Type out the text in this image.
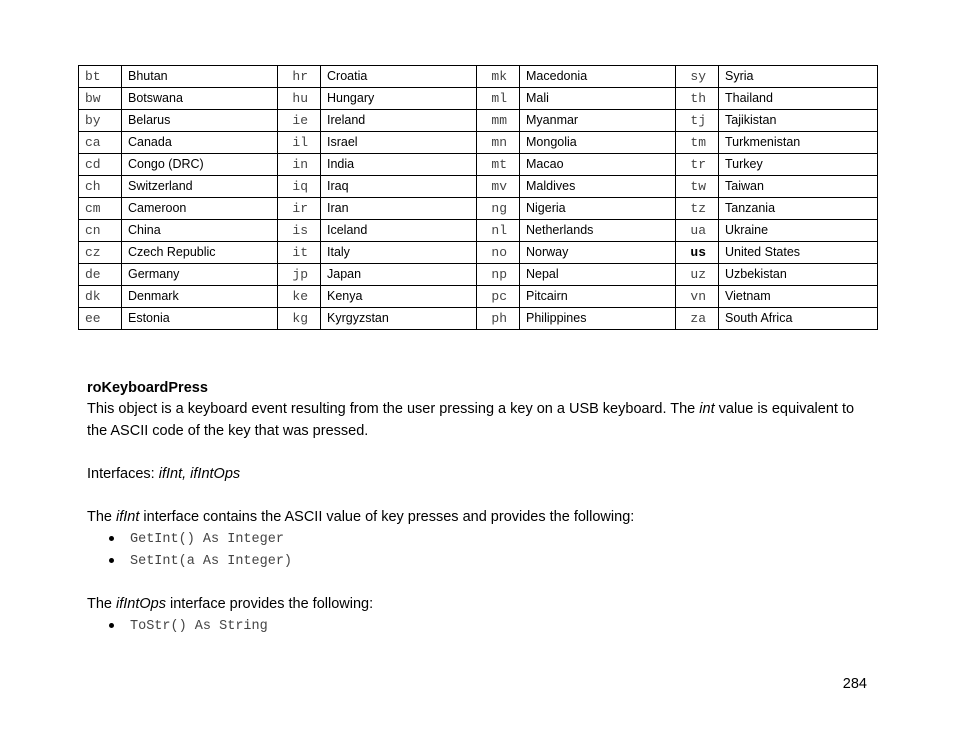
bt	Bhutan	hr	Croatia	mk	Macedonia	sy	Syria
bw	Botswana	hu	Hungary	ml	Mali	th	Thailand
by	Belarus	ie	Ireland	mm	Myanmar	tj	Tajikistan
ca	Canada	il	Israel	mn	Mongolia	tm	Turkmenistan
cd	Congo (DRC)	in	India	mt	Macao	tr	Turkey
ch	Switzerland	iq	Iraq	mv	Maldives	tw	Taiwan
cm	Cameroon	ir	Iran	ng	Nigeria	tz	Tanzania
cn	China	is	Iceland	nl	Netherlands	ua	Ukraine
cz	Czech Republic	it	Italy	no	Norway	us	United States
de	Germany	jp	Japan	np	Nepal	uz	Uzbekistan
dk	Denmark	ke	Kenya	pc	Pitcairn	vn	Vietnam
ee	Estonia	kg	Kyrgyzstan	ph	Philippines	za	South Africa

roKeyboardPress

This object is a keyboard event resulting from the user pressing a key on a USB keyboard. The int value is equivalent to the ASCII code of the key that was pressed.

Interfaces: ifInt, ifIntOps

The ifInt interface contains the ASCII value of key presses and provides the following:

GetInt() As Integer
SetInt(a As Integer)

The ifIntOps interface provides the following:

ToStr() As String
284
